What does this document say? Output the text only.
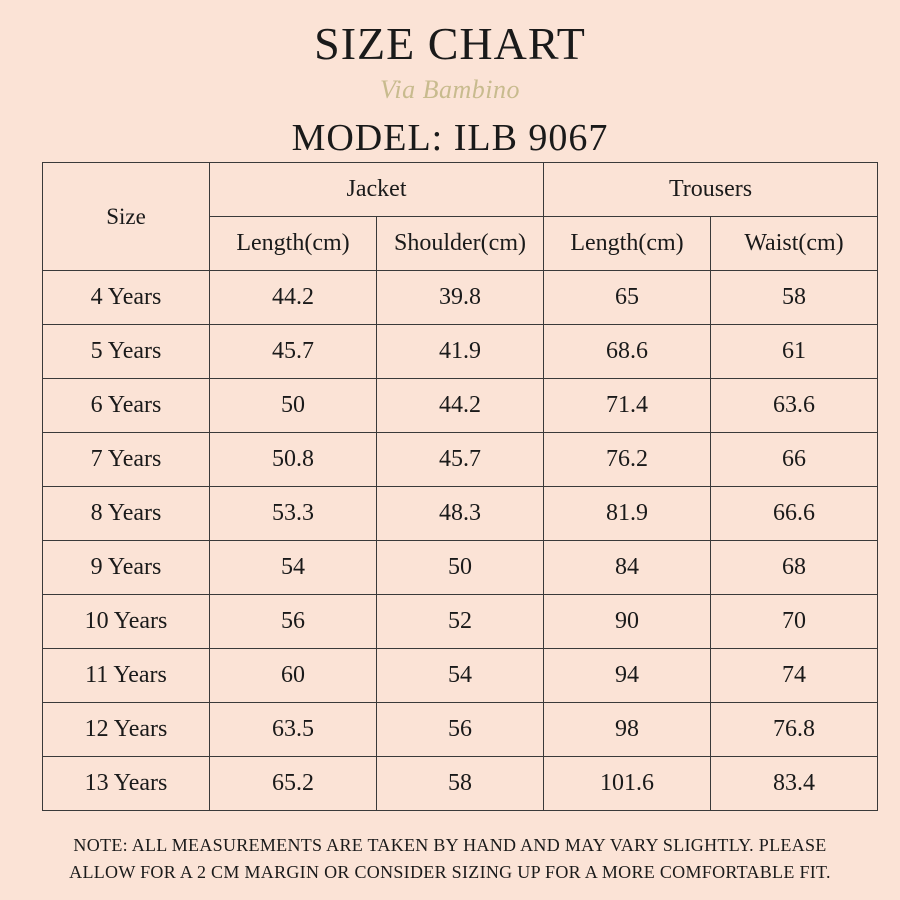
SIZE CHART
Via Bambino
MODEL: ILB 9067
Size	Jacket		Trousers	
	Length(cm)	Shoulder(cm)	Length(cm)	Waist(cm)
4 Years	44.2	39.8	65	58
5 Years	45.7	41.9	68.6	61
6 Years	50	44.2	71.4	63.6
7 Years	50.8	45.7	76.2	66
8 Years	53.3	48.3	81.9	66.6
9 Years	54	50	84	68
10 Years	56	52	90	70
11 Years	60	54	94	74
12 Years	63.5	56	98	76.8
13 Years	65.2	58	101.6	83.4
NOTE: ALL MEASUREMENTS ARE TAKEN BY HAND AND MAY VARY SLIGHTLY. PLEASE
ALLOW FOR A 2 CM MARGIN OR CONSIDER SIZING UP FOR A MORE COMFORTABLE FIT.
